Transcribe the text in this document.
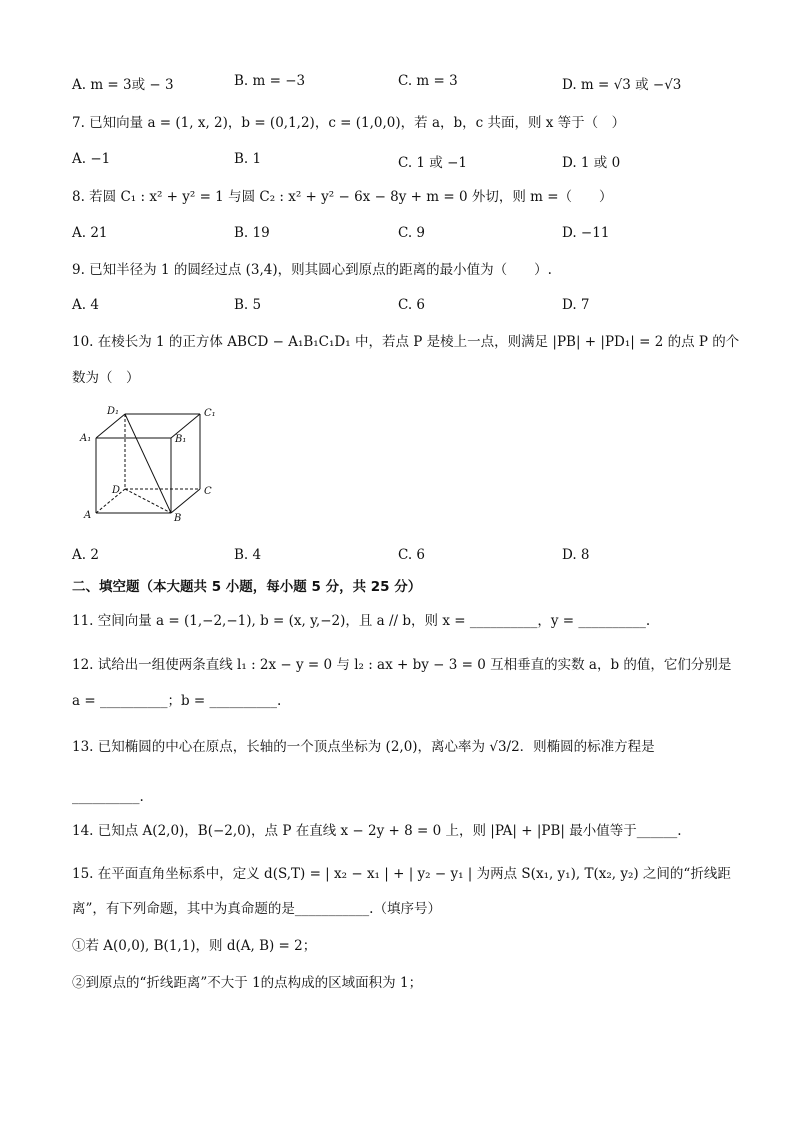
A. m = 3或 − 3	B. m = −3	C. m = 3	D. m = √3 或 −√3
7. 已知向量 a = (1, x, 2)，b = (0,1,2)，c = (1,0,0)，若 a，b，c 共面，则 x 等于（　）
A. −1	B. 1	C. 1 或 −1	D. 1 或 0
8. 若圆 C₁ : x² + y² = 1 与圆 C₂ : x² + y² − 6x − 8y + m = 0 外切，则 m =（　　）
A. 21	B. 19	C. 9	D. −11
9. 已知半径为 1 的圆经过点 (3,4)，则其圆心到原点的距离的最小值为（　　）.
A. 4	B. 5	C. 6	D. 7
10. 在棱长为 1 的正方体 ABCD − A₁B₁C₁D₁ 中，若点 P 是棱上一点，则满足 |PB| + |PD₁| = 2 的点 P 的个
数为（　）
D₁	C₁
A₁	B₁
D	C
A	B
A. 2	B. 4	C. 6	D. 8
二、填空题（本大题共 5 小题，每小题 5 分，共 25 分）
11. 空间向量 a = (1,−2,−1), b = (x, y,−2)，且 a // b，则 x = __________，y = __________.
12. 试给出一组使两条直线 l₁ : 2x − y = 0 与 l₂ : ax + by − 3 = 0 互相垂直的实数 a，b 的值，它们分别是
a = __________；b = __________.
13. 已知椭圆的中心在原点，长轴的一个顶点坐标为 (2,0)，离心率为 √3/2．则椭圆的标准方程是
__________.
14. 已知点 A(2,0)，B(−2,0)，点 P 在直线 x − 2y + 8 = 0 上，则 |PA| + |PB| 最小值等于______.
15. 在平面直角坐标系中，定义 d(S,T) = | x₂ − x₁ | + | y₂ − y₁ | 为两点 S(x₁, y₁), T(x₂, y₂) 之间的“折线距
离”，有下列命题，其中为真命题的是___________.（填序号）
①若 A(0,0), B(1,1)，则 d(A, B) = 2；
②到原点的“折线距离”不大于 1的点构成的区域面积为 1；
